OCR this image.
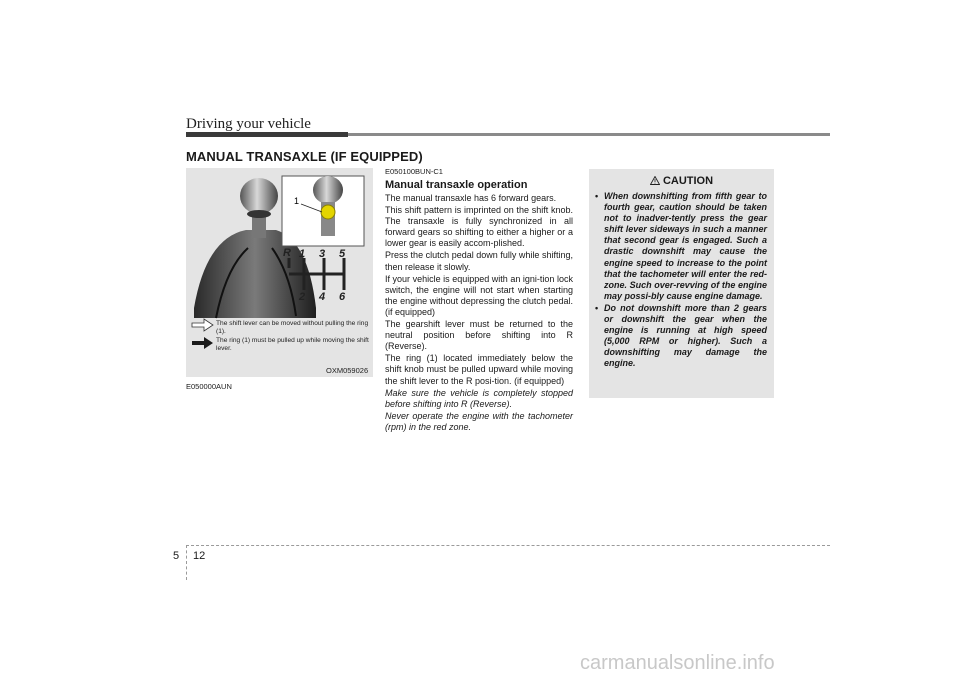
Driving your vehicle
MANUAL TRANSAXLE (IF EQUIPPED)
1
R 1 3 5
2 4 6
The shift lever can be moved without pulling the ring (1).
The ring (1) must be pulled up while moving the shift lever.
OXM059026
E050000AUN
E050100BUN-C1
Manual transaxle operation

The manual transaxle has 6 forward gears.

This shift pattern is imprinted on the shift knob. The transaxle is fully synchronized in all forward gears so shifting to either a higher or a lower gear is easily accom-plished.

Press the clutch pedal down fully while shifting, then release it slowly.

If your vehicle is equipped with an igni-tion lock switch, the engine will not start when starting the engine without depressing the clutch pedal. (if equipped)

The gearshift lever must be returned to the neutral position before shifting into R (Reverse).

The ring (1) located immediately below the shift knob must be pulled upward while moving the shift lever to the R posi-tion. (if equipped)

Make sure the vehicle is completely stopped before shifting into R (Reverse).

Never operate the engine with the tachometer (rpm) in the red zone.

CAUTION
• When downshifting from fifth gear to fourth gear, caution should be taken not to inadver-tently press the gear shift lever sideways in such a manner that second gear is engaged. Such a drastic downshift may cause the engine speed to increase to the point that the tachometer will enter the red-zone. Such over-revving of the engine may possi-bly cause engine damage.
• Do not downshift more than 2 gears or downshift the gear when the engine is running at high speed (5,000 RPM or higher). Such a downshifting may damage the engine.
5 12
carmanualsonline.info
